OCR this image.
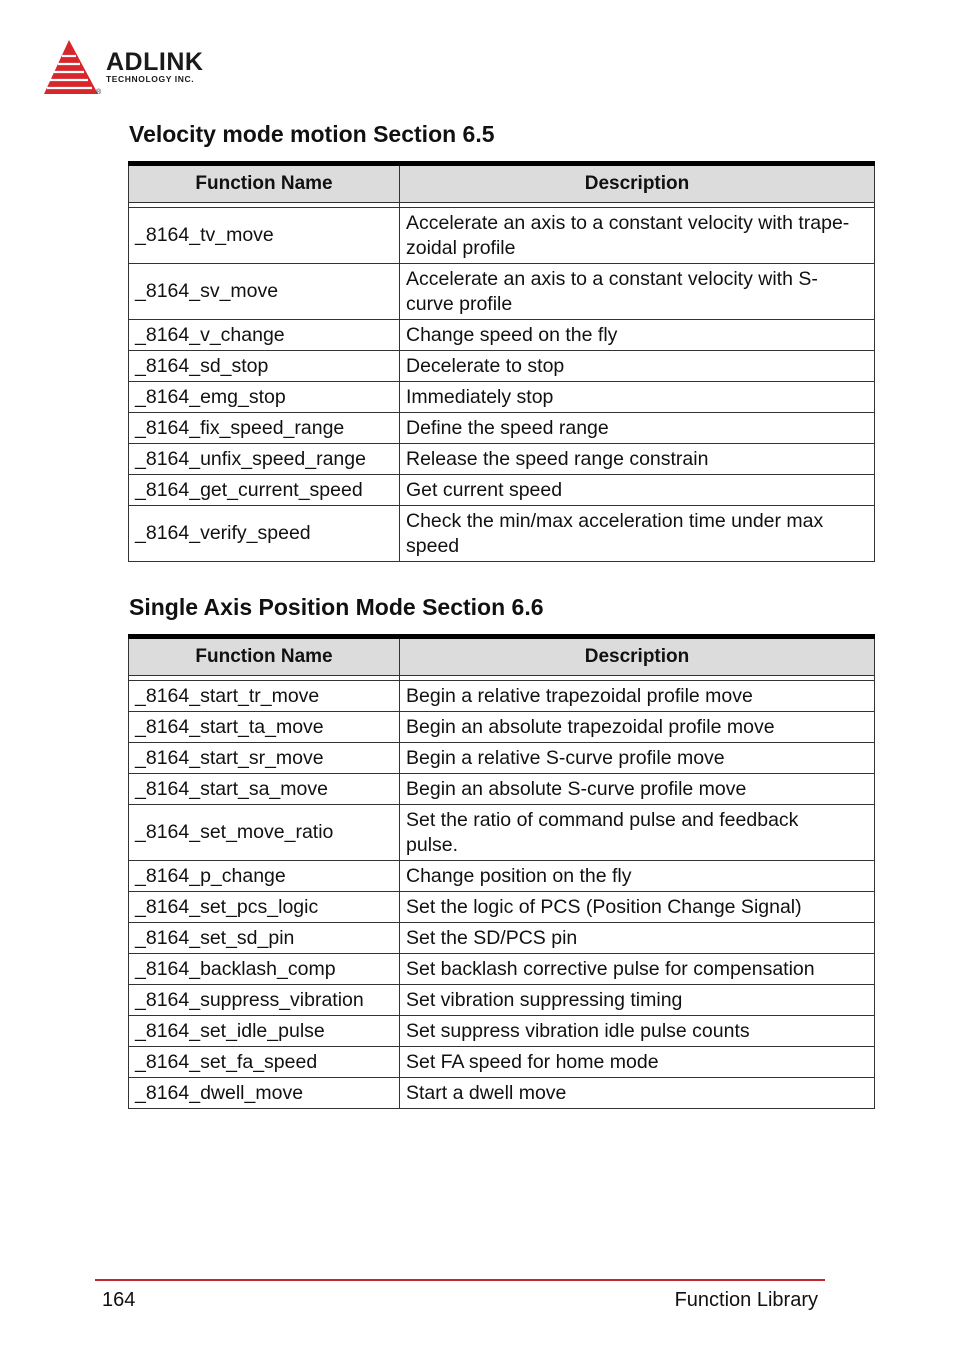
ADLINK
TECHNOLOGY INC.
®
Velocity mode motion Section 6.5
Function Name	Description

_8164_tv_move	Accelerate an axis to a constant velocity with trape-
zoidal profile
_8164_sv_move	Accelerate an axis to a constant velocity with S-
curve profile
_8164_v_change	Change speed on the fly
_8164_sd_stop	Decelerate to stop
_8164_emg_stop	Immediately stop
_8164_fix_speed_range	Define the speed range
_8164_unfix_speed_range	Release the speed range constrain
_8164_get_current_speed	Get current speed
_8164_verify_speed	Check the min/max acceleration time under max
speed
Single Axis Position Mode Section 6.6
Function Name	Description

_8164_start_tr_move	Begin a relative trapezoidal profile move
_8164_start_ta_move	Begin an absolute trapezoidal profile move
_8164_start_sr_move	Begin a relative S-curve profile move
_8164_start_sa_move	Begin an absolute S-curve profile move
_8164_set_move_ratio	Set the ratio of command pulse and feedback
pulse.
_8164_p_change	Change position on the fly
_8164_set_pcs_logic	Set the logic of PCS (Position Change Signal)
_8164_set_sd_pin	Set the SD/PCS pin
_8164_backlash_comp	Set backlash corrective pulse for compensation
_8164_suppress_vibration	Set vibration suppressing timing
_8164_set_idle_pulse	Set suppress vibration idle pulse counts
_8164_set_fa_speed	Set FA speed for home mode
_8164_dwell_move	Start a dwell move
164	Function Library
